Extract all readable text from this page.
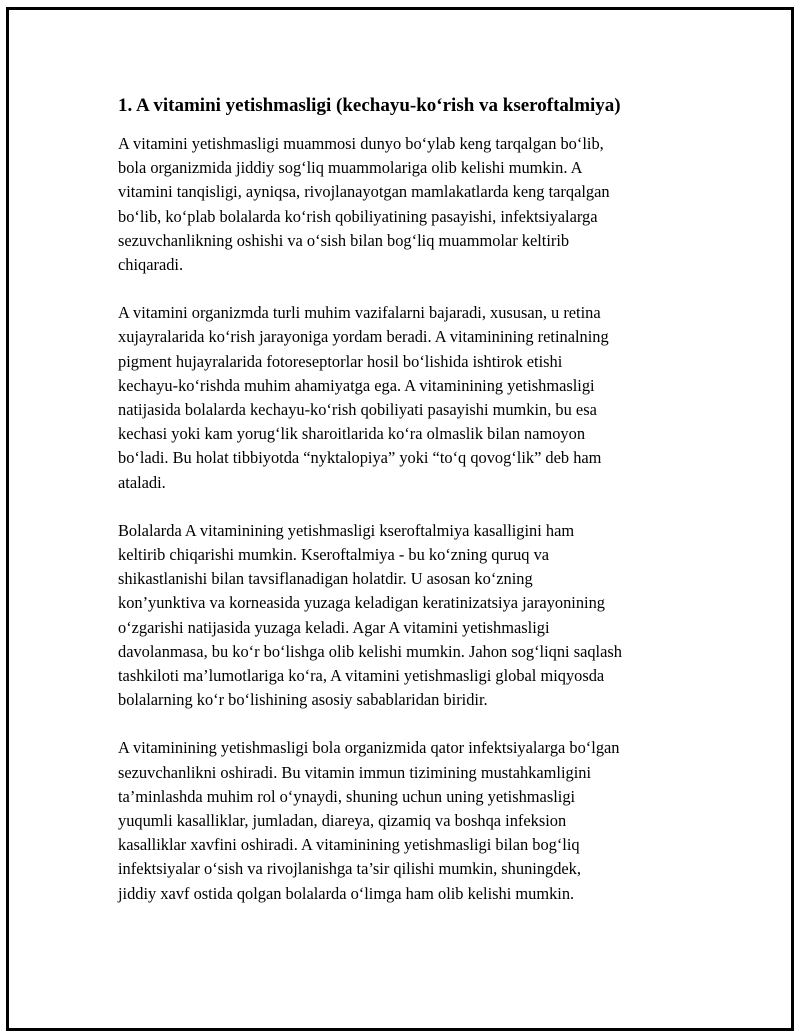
1. A vitamini yetishmasligi (kechayu-ko‘rish va kseroftalmiya)
A vitamini yetishmasligi muammosi dunyo bo‘ylab keng tarqalgan bo‘lib,
bola organizmida jiddiy sog‘liq muammolariga olib kelishi mumkin. A
vitamini tanqisligi, ayniqsa, rivojlanayotgan mamlakatlarda keng tarqalgan
bo‘lib, ko‘plab bolalarda ko‘rish qobiliyatining pasayishi, infektsiyalarga
sezuvchanlikning oshishi va o‘sish bilan bog‘liq muammolar keltirib
chiqaradi.
A vitamini organizmda turli muhim vazifalarni bajaradi, xususan, u retina
xujayralarida ko‘rish jarayoniga yordam beradi. A vitaminining retinalning
pigment hujayralarida fotoreseptorlar hosil bo‘lishida ishtirok etishi
kechayu-ko‘rishda muhim ahamiyatga ega. A vitaminining yetishmasligi
natijasida bolalarda kechayu-ko‘rish qobiliyati pasayishi mumkin, bu esa
kechasi yoki kam yorug‘lik sharoitlarida ko‘ra olmaslik bilan namoyon
bo‘ladi. Bu holat tibbiyotda “nyktalopiya” yoki “to‘q qovog‘lik” deb ham
ataladi.
Bolalarda A vitaminining yetishmasligi kseroftalmiya kasalligini ham
keltirib chiqarishi mumkin. Kseroftalmiya - bu ko‘zning quruq va
shikastlanishi bilan tavsiflanadigan holatdir. U asosan ko‘zning
kon’yunktiva va korneasida yuzaga keladigan keratinizatsiya jarayonining
o‘zgarishi natijasida yuzaga keladi. Agar A vitamini yetishmasligi
davolanmasa, bu ko‘r bo‘lishga olib kelishi mumkin. Jahon sog‘liqni saqlash
tashkiloti ma’lumotlariga ko‘ra, A vitamini yetishmasligi global miqyosda
bolalarning ko‘r bo‘lishining asosiy sabablaridan biridir.
A vitaminining yetishmasligi bola organizmida qator infektsiyalarga bo‘lgan
sezuvchanlikni oshiradi. Bu vitamin immun tizimining mustahkamligini
ta’minlashda muhim rol o‘ynaydi, shuning uchun uning yetishmasligi
yuqumli kasalliklar, jumladan, diareya, qizamiq va boshqa infeksion
kasalliklar xavfini oshiradi. A vitaminining yetishmasligi bilan bog‘liq
infektsiyalar o‘sish va rivojlanishga ta’sir qilishi mumkin, shuningdek,
jiddiy xavf ostida qolgan bolalarda o‘limga ham olib kelishi mumkin.
